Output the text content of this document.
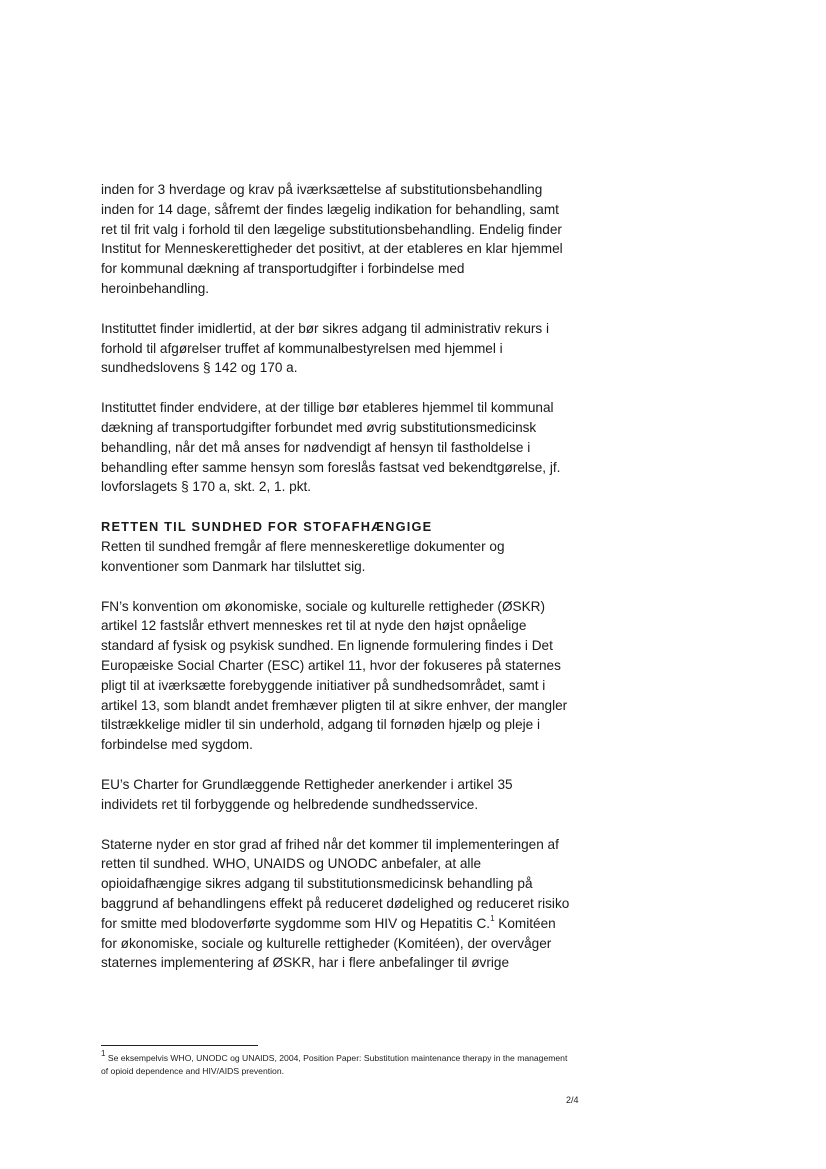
inden for 3 hverdage og krav på iværksættelse af substitutionsbehandling inden for 14 dage, såfremt der findes lægelig indikation for behandling, samt ret til frit valg i forhold til den lægelige substitutionsbehandling. Endelig finder Institut for Menneskerettigheder det positivt, at der etableres en klar hjemmel for kommunal dækning af transportudgifter i forbindelse med heroinbehandling.

Instituttet finder imidlertid, at der bør sikres adgang til administrativ rekurs i forhold til afgørelser truffet af kommunalbestyrelsen med hjemmel i sundhedslovens § 142 og 170 a.

Instituttet finder endvidere, at der tillige bør etableres hjemmel til kommunal dækning af transportudgifter forbundet med øvrig substitutionsmedicinsk behandling, når det må anses for nødvendigt af hensyn til fastholdelse i behandling efter samme hensyn som foreslås fastsat ved bekendtgørelse, jf. lovforslagets § 170 a, skt. 2, 1. pkt.

RETTEN TIL SUNDHED FOR STOFAFHÆNGIGE

Retten til sundhed fremgår af flere menneskeretlige dokumenter og konventioner som Danmark har tilsluttet sig.

FN’s konvention om økonomiske, sociale og kulturelle rettigheder (ØSKR) artikel 12 fastslår ethvert menneskes ret til at nyde den højst opnåelige standard af fysisk og psykisk sundhed. En lignende formulering findes i Det Europæiske Social Charter (ESC) artikel 11, hvor der fokuseres på staternes pligt til at iværksætte forebyggende initiativer på sundhedsområdet, samt i artikel 13, som blandt andet fremhæver pligten til at sikre enhver, der mangler tilstrækkelige midler til sin underhold, adgang til fornøden hjælp og pleje i forbindelse med sygdom.

EU’s Charter for Grundlæggende Rettigheder anerkender i artikel 35 individets ret til forbyggende og helbredende sundhedsservice.

Staterne nyder en stor grad af frihed når det kommer til implementeringen af retten til sundhed. WHO, UNAIDS og UNODC anbefaler, at alle opioidafhængige sikres adgang til substitutionsmedicinsk behandling på baggrund af behandlingens effekt på reduceret dødelighed og reduceret risiko for smitte med blodoverførte sygdomme som HIV og Hepatitis C.$^1$ Komitéen for økonomiske, sociale og kulturelle rettigheder (Komitéen), der overvåger staternes implementering af ØSKR, har i flere anbefalinger til øvrige

$^1$ Se eksempelvis WHO, UNODC og UNAIDS, 2004, Position Paper: Substitution maintenance therapy in the management of opioid dependence and HIV/AIDS prevention.
2/4
